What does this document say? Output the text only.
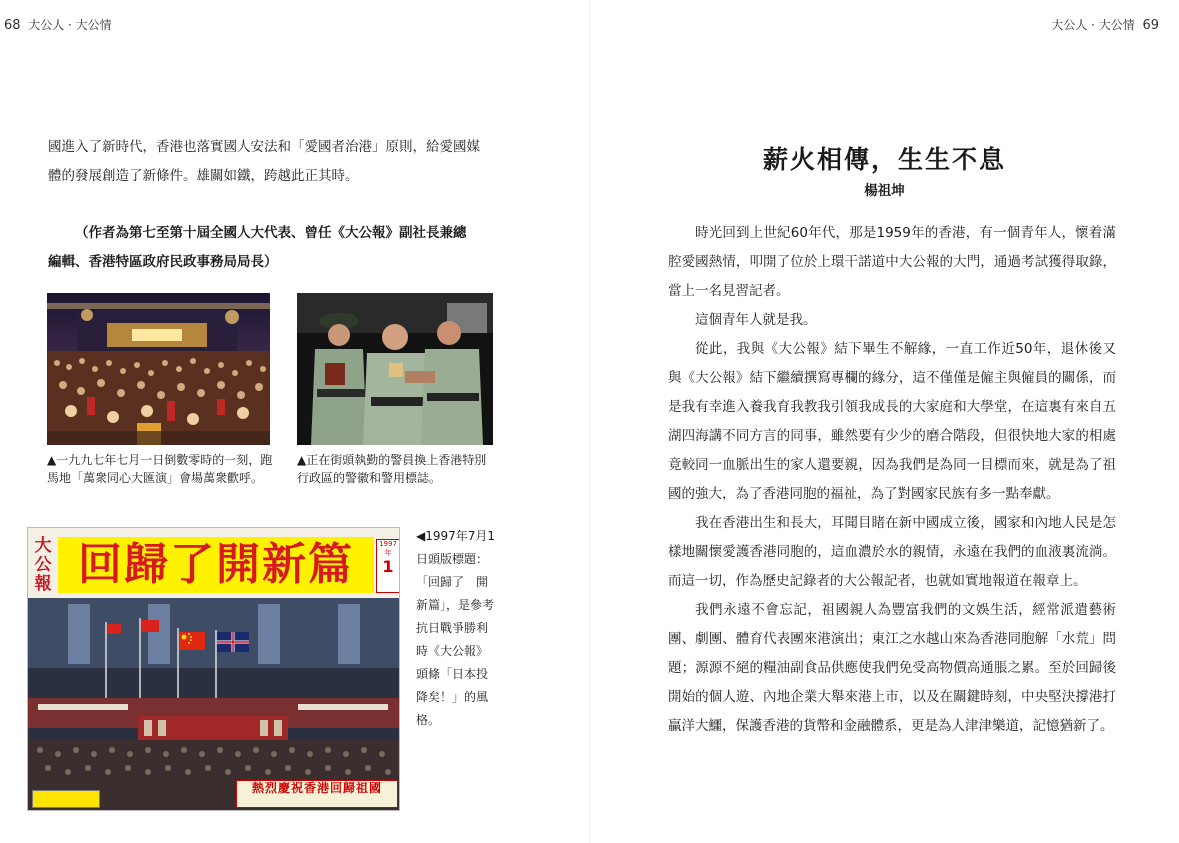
68 大公人 · 大公情
國進入了新時代，香港也落實國人安法和「愛國者治港」原則，給愛國媒
體的發展創造了新條件。雄關如鐵，跨越此正其時。
（作者為第七至第十屆全國人大代表、曾任《大公報》副社長兼總
編輯、香港特區政府民政事務局局長）
▲一九九七年七月一日倒數零時的一刻，跑馬地「萬衆同心大匯演」會場萬衆歡呼。
▲正在街頭執勤的警員換上香港特別行政區的警徽和警用標誌。
大公報 回歸了開新篇	1997年
1
熱烈慶祝香港回歸祖國
◀1997年7月1日頭版標題：「回歸了　開新篇」，是參考抗日戰爭勝利時《大公報》頭條「日本投降矣！」的風格。
大公人 · 大公情 69
薪火相傳，生生不息
楊祖坤

時光回到上世紀60年代，那是1959年的香港，有一個青年人，懷着滿腔愛國熱情，叩開了位於上環干諾道中大公報的大門，通過考試獲得取錄，當上一名見習記者。

這個青年人就是我。

從此，我與《大公報》結下畢生不解緣，一直工作近50年，退休後又與《大公報》結下繼續撰寫專欄的緣分，這不僅僅是僱主與僱員的關係，而是我有幸進入養我育我教我引領我成長的大家庭和大學堂，在這裏有來自五湖四海講不同方言的同事，雖然要有少少的磨合階段，但很快地大家的相處竟較同一血脈出生的家人還要親，因為我們是為同一目標而來，就是為了祖國的強大，為了香港同胞的福祉，為了對國家民族有多一點奉獻。

我在香港出生和長大，耳聞目睹在新中國成立後，國家和內地人民是怎樣地關懷愛護香港同胞的，這血濃於水的親情，永遠在我們的血液裏流淌。而這一切，作為歷史記錄者的大公報記者，也就如實地報道在報章上。

我們永遠不會忘記，祖國親人為豐富我們的文娛生活，經常派遣藝術團、劇團、體育代表團來港演出；東江之水越山來為香港同胞解「水荒」問題；源源不絕的糧油副食品供應使我們免受高物價高通脹之累。至於回歸後開始的個人遊、內地企業大舉來港上市，以及在關鍵時刻，中央堅決撐港打贏洋大鱷，保護香港的貨幣和金融體系，更是為人津津樂道，記憶猶新了。
